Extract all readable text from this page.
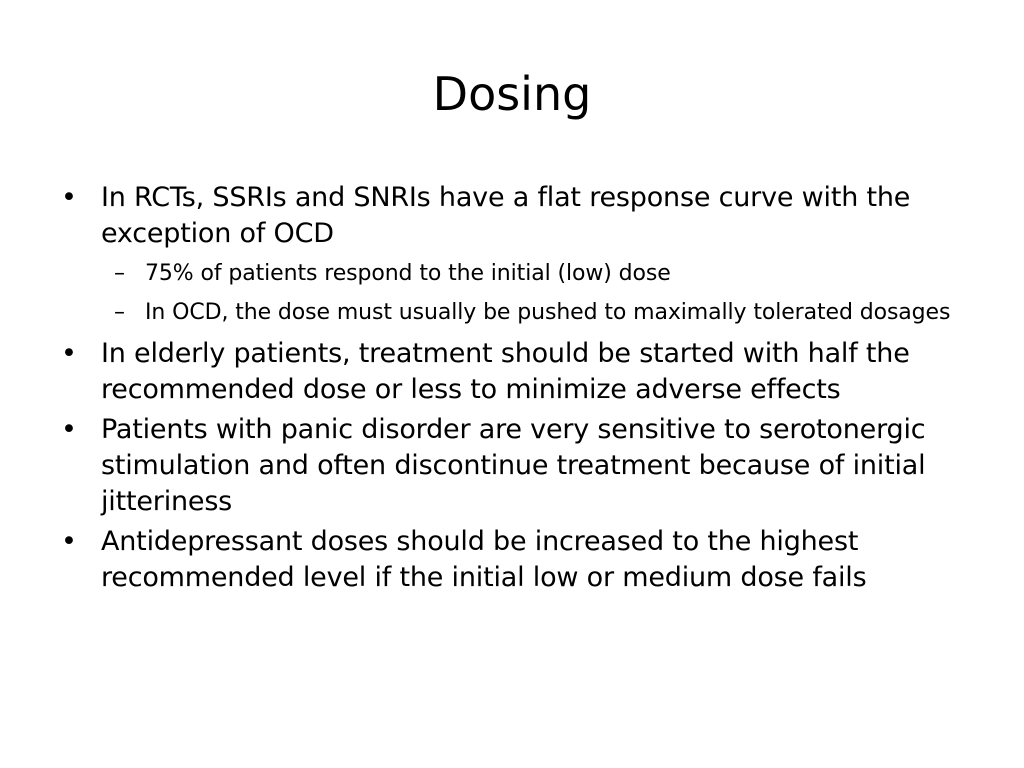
Dosing
• In RCTs, SSRIs and SNRIs have a flat response curve with the exception of OCD
– 75% of patients respond to the initial (low) dose
– In OCD, the dose must usually be pushed to maximally tolerated dosages
• In elderly patients, treatment should be started with half the recommended dose or less to minimize adverse effects
• Patients with panic disorder are very sensitive to serotonergic stimulation and often discontinue treatment because of initial jitteriness
• Antidepressant doses should be increased to the highest recommended level if the initial low or medium dose fails
